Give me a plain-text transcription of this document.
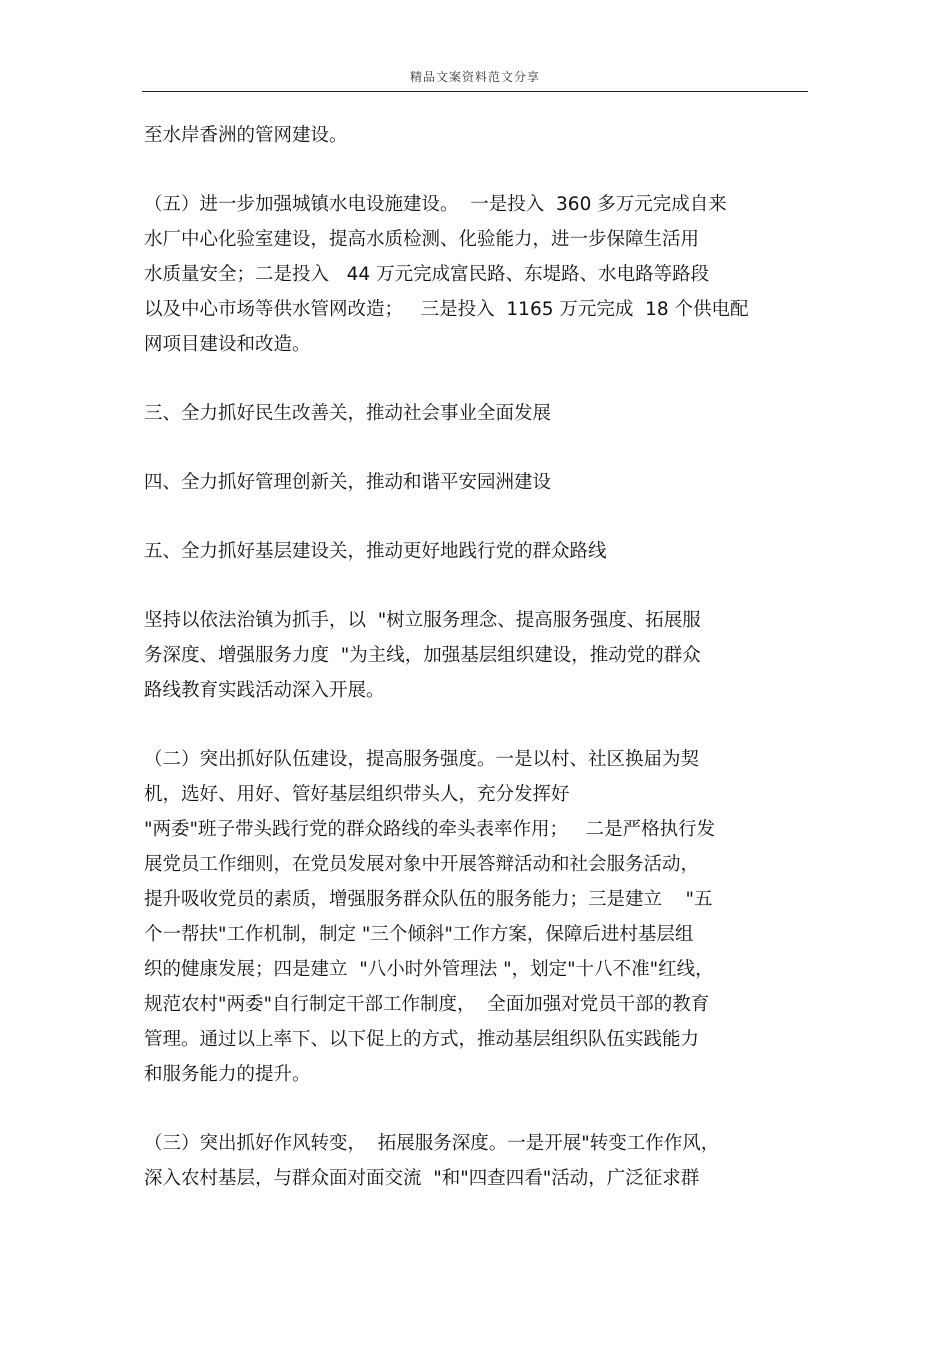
精品文案资料范文分享

至水岸香洲的管网建设。

（五）进一步加强城镇水电设施建设。  一是投入  360 多万元完成自来
水厂中心化验室建设，提高水质检测、化验能力，进一步保障生活用
水质量安全；二是投入   44 万元完成富民路、东堤路、水电路等路段
以及中心市场等供水管网改造；   三是投入  1165 万元完成  18 个供电配
网项目建设和改造。

三、全力抓好民生改善关，推动社会事业全面发展

四、全力抓好管理创新关，推动和谐平安园洲建设

五、全力抓好基层建设关，推动更好地践行党的群众路线

坚持以依法治镇为抓手，以  "树立服务理念、提高服务强度、拓展服
务深度、增强服务力度  "为主线，加强基层组织建设，推动党的群众
路线教育实践活动深入开展。

（二）突出抓好队伍建设，提高服务强度。一是以村、社区换届为契
机，选好、用好、管好基层组织带头人，充分发挥好
"两委"班子带头践行党的群众路线的牵头表率作用；   二是严格执行发
展党员工作细则，在党员发展对象中开展答辩活动和社会服务活动，
提升吸收党员的素质，增强服务群众队伍的服务能力；三是建立    "五
个一帮扶"工作机制，制定 "三个倾斜"工作方案，保障后进村基层组
织的健康发展；四是建立  "八小时外管理法 "，划定"十八不准"红线，
规范农村"两委"自行制定干部工作制度，  全面加强对党员干部的教育
管理。通过以上率下、以下促上的方式，推动基层组织队伍实践能力
和服务能力的提升。

（三）突出抓好作风转变，  拓展服务深度。一是开展"转变工作作风，
深入农村基层，与群众面对面交流  "和"四查四看"活动，广泛征求群
